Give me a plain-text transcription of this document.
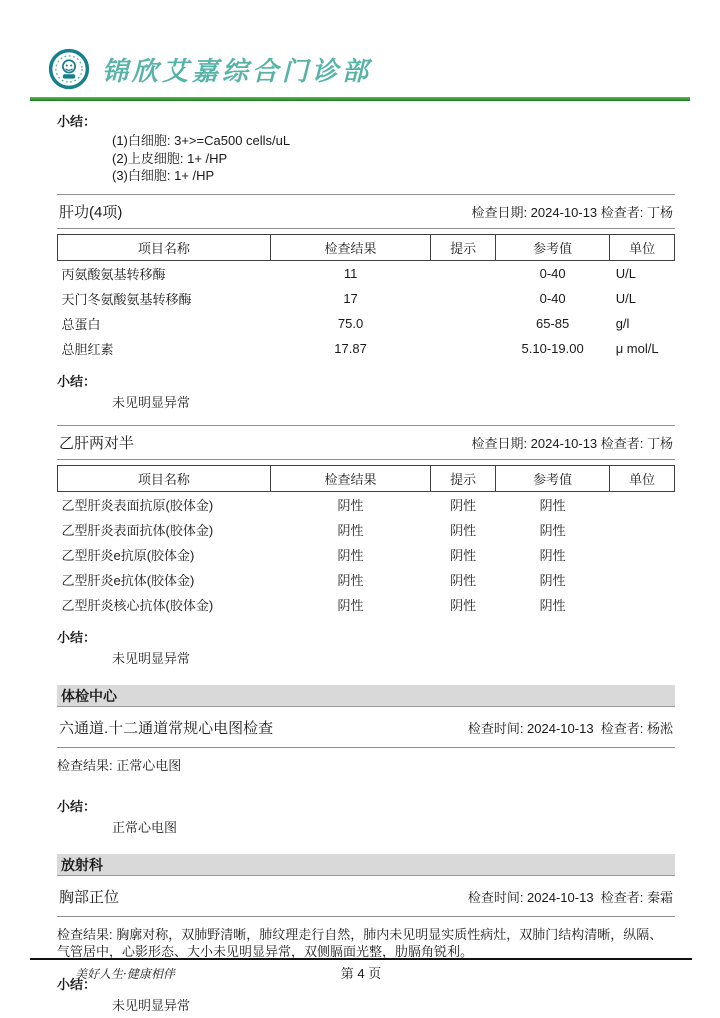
锦欣艾嘉综合门诊部
小结：
(1)白细胞: 3+>=Ca500 cells/uL
(2)上皮细胞: 1+ /HP
(3)白细胞: 1+ /HP
肝功(4项)	检查日期: 2024-10-13 检查者: 丁杨
项目名称	检查结果	提示	参考值	单位
丙氨酸氨基转移酶	11		0-40	U/L
天门冬氨酸氨基转移酶	17		0-40	U/L
总蛋白	75.0		65-85	g/l
总胆红素	17.87		5.10-19.00	μ mol/L
小结：
未见明显异常
乙肝两对半	检查日期: 2024-10-13 检查者: 丁杨
项目名称	检查结果	提示	参考值	单位
乙型肝炎表面抗原(胶体金)	阴性	阴性	阴性	
乙型肝炎表面抗体(胶体金)	阴性	阴性	阴性	
乙型肝炎e抗原(胶体金)	阴性	阴性	阴性	
乙型肝炎e抗体(胶体金)	阴性	阴性	阴性	
乙型肝炎核心抗体(胶体金)	阴性	阴性	阴性	
小结：
未见明显异常
体检中心
六通道.十二通道常规心电图检查	检查时间: 2024-10-13  检查者: 杨淞
检查结果: 正常心电图
小结：
正常心电图
放射科
胸部正位	检查时间: 2024-10-13  检查者: 秦霜
检查结果: 胸廓对称，双肺野清晰，肺纹理走行自然，肺内未见明显实质性病灶，双肺门结构清晰，纵隔、气管居中，心影形态、大小未见明显异常，双侧膈面光整，肋膈角锐利。
小结：
未见明显异常
美好人生·健康相伴	第 4 页
